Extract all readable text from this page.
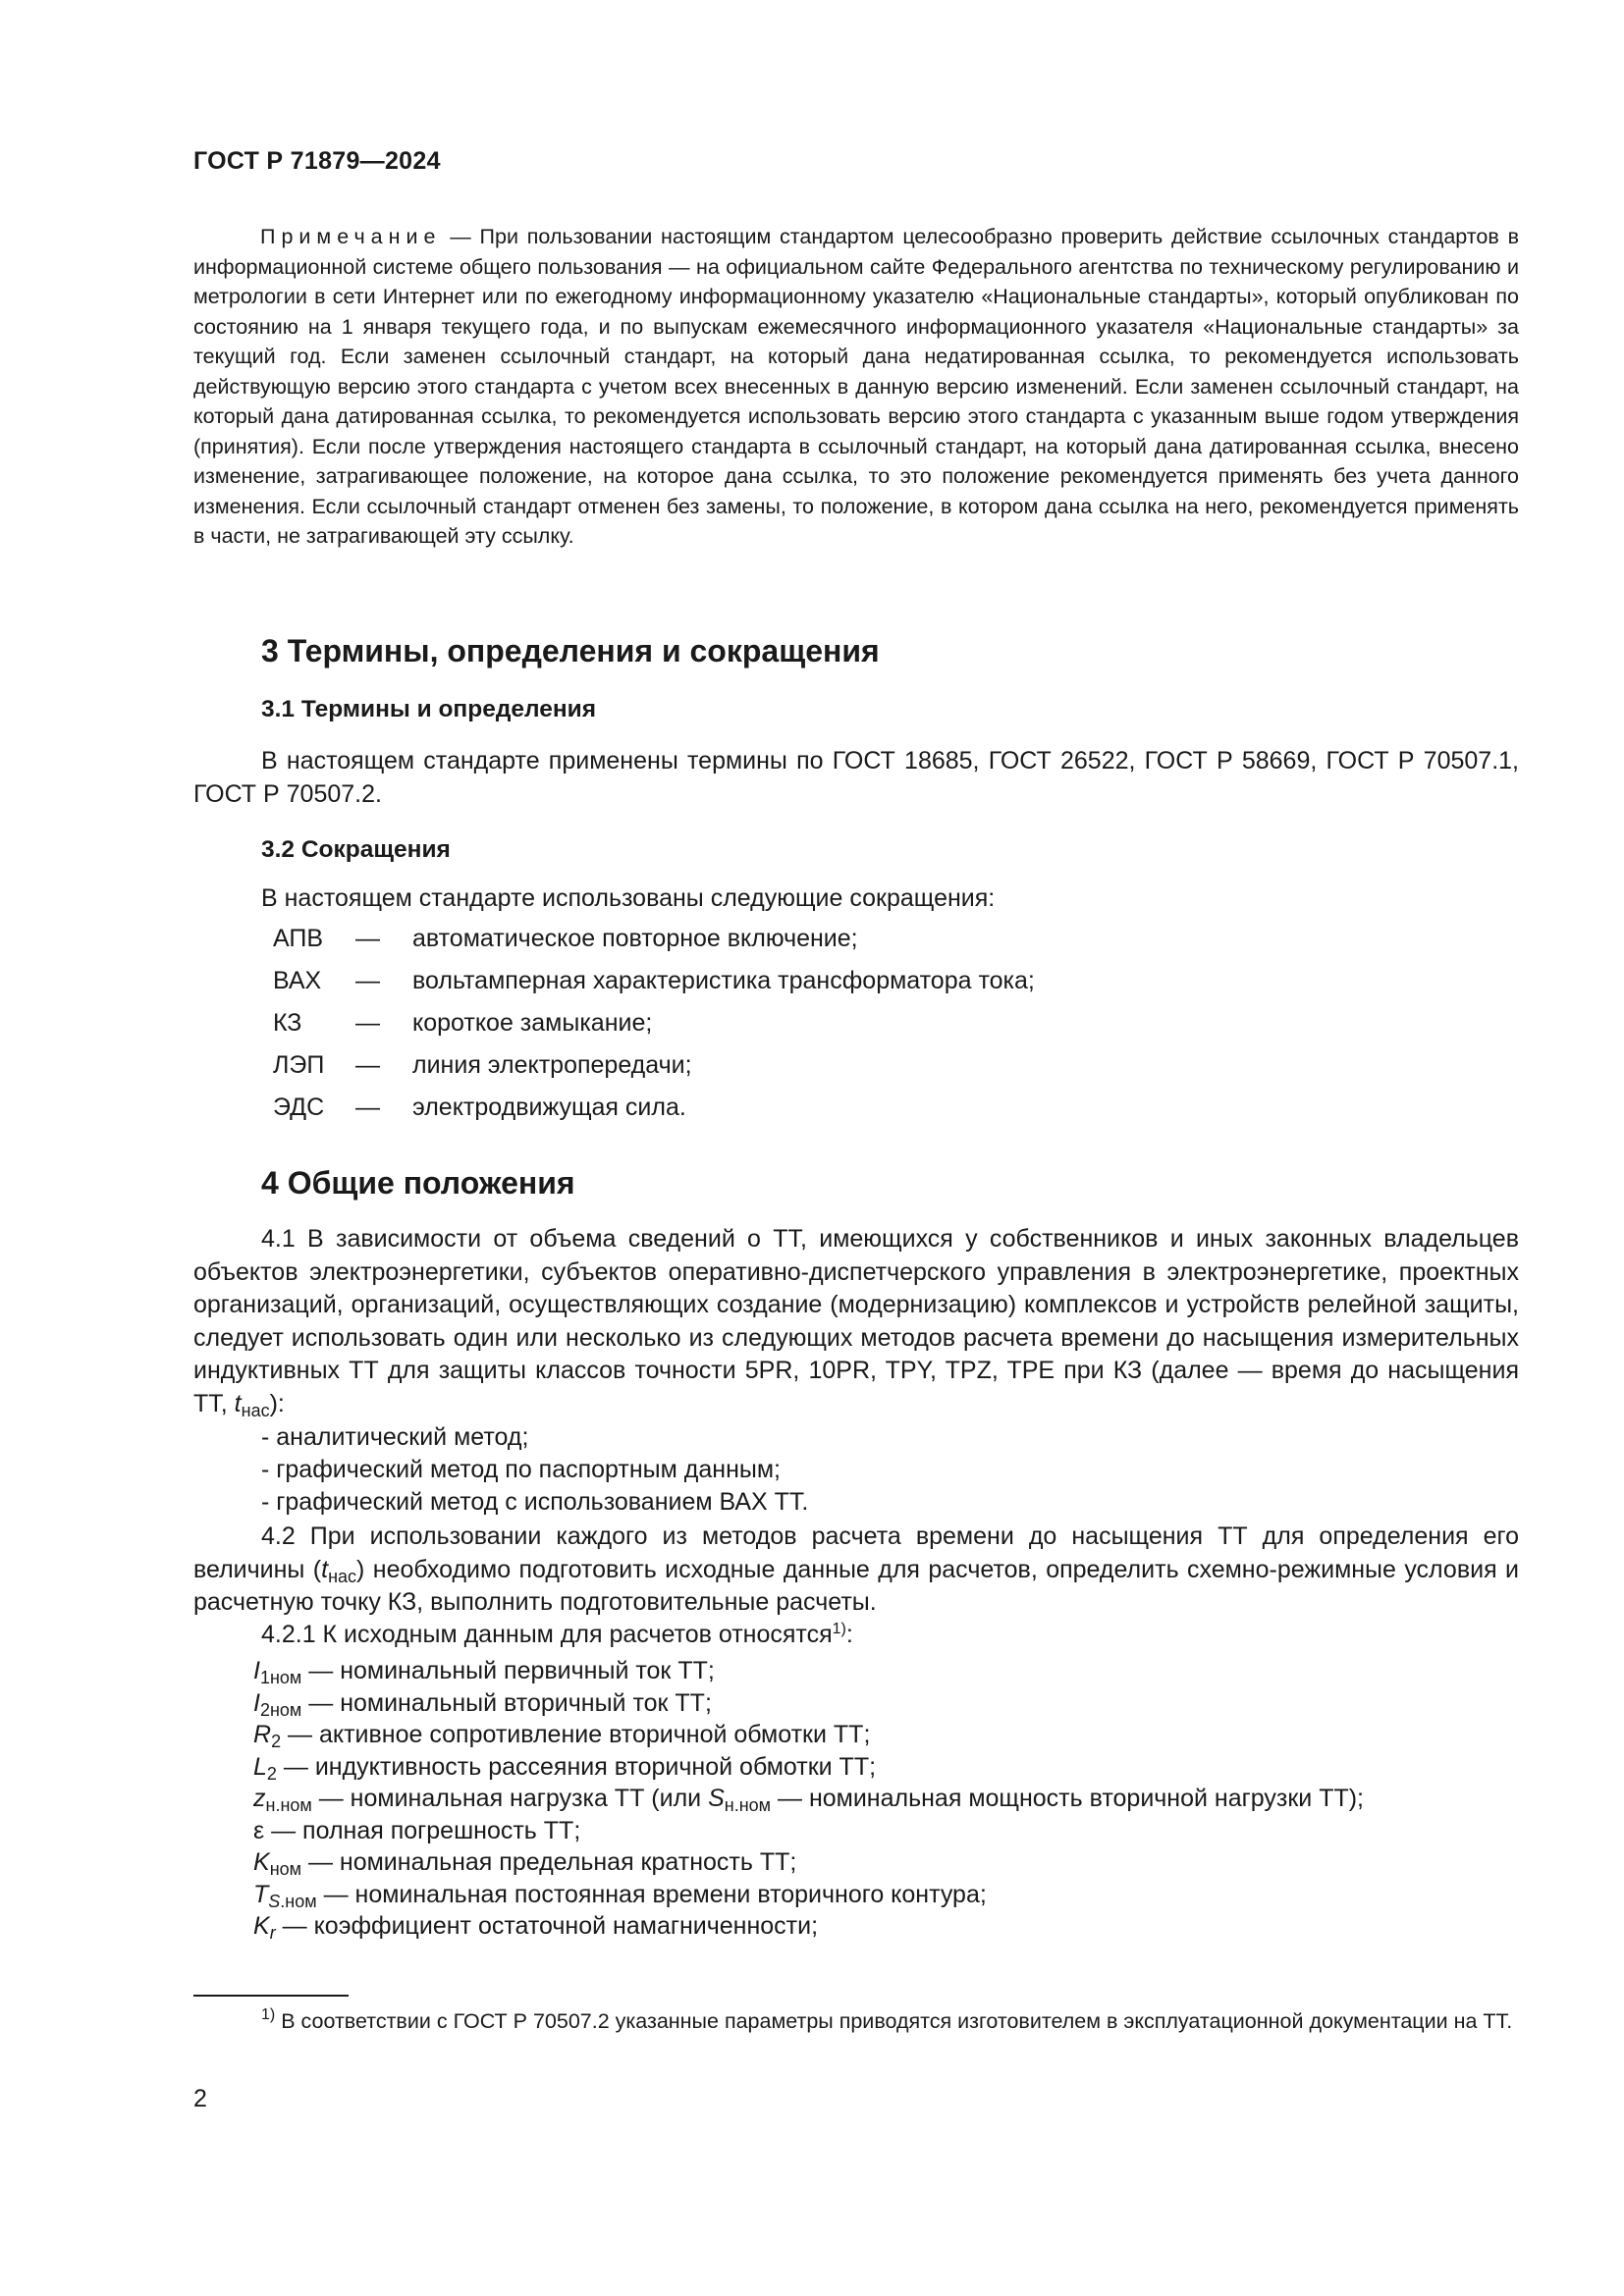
ГОСТ Р 71879—2024

Примечание — При пользовании настоящим стандартом целесообразно проверить действие ссылочных стандартов в информационной системе общего пользования — на официальном сайте Федерального агентства по техническому регулированию и метрологии в сети Интернет или по ежегодному информационному указателю «Национальные стандарты», который опубликован по состоянию на 1 января текущего года, и по выпускам ежемесячного информационного указателя «Национальные стандарты» за текущий год. Если заменен ссылочный стандарт, на который дана недатированная ссылка, то рекомендуется использовать действующую версию этого стандарта с учетом всех внесенных в данную версию изменений. Если заменен ссылочный стандарт, на который дана датированная ссылка, то рекомендуется использовать версию этого стандарта с указанным выше годом утверждения (принятия). Если после утверждения настоящего стандарта в ссылочный стандарт, на который дана датированная ссылка, внесено изменение, затрагивающее положение, на которое дана ссылка, то это положение рекомендуется применять без учета данного изменения. Если ссылочный стандарт отменен без замены, то положение, в котором дана ссылка на него, рекомендуется применять в части, не затрагивающей эту ссылку.

3 Термины, определения и сокращения
3.1 Термины и определения

В настоящем стандарте применены термины по ГОСТ 18685, ГОСТ 26522, ГОСТ Р 58669, ГОСТ Р 70507.1, ГОСТ Р 70507.2.

3.2 Сокращения

В настоящем стандарте использованы следующие сокращения:

АПВ — автоматическое повторное включение;
ВАХ — вольтамперная характеристика трансформатора тока;
КЗ — короткое замыкание;
ЛЭП — линия электропередачи;
ЭДС — электродвижущая сила.
4 Общие положения

4.1 В зависимости от объема сведений о ТТ, имеющихся у собственников и иных законных владельцев объектов электроэнергетики, субъектов оперативно-диспетчерского управления в электроэнергетике, проектных организаций, организаций, осуществляющих создание (модернизацию) комплексов и устройств релейной защиты, следует использовать один или несколько из следующих методов расчета времени до насыщения измерительных индуктивных ТТ для защиты классов точности 5PR, 10PR, TPY, TPZ, TPE при КЗ (далее — время до насыщения ТТ, $t_{нас}$):

- аналитический метод;
- графический метод по паспортным данным;
- графический метод с использованием ВАХ ТТ.

4.2 При использовании каждого из методов расчета времени до насыщения ТТ для определения его величины $(t_{нас})$ необходимо подготовить исходные данные для расчетов, определить схемно-режимные условия и расчетную точку КЗ, выполнить подготовительные расчеты.

4.2.1 К исходным данным для расчетов относятся$^{1)}$:

$I_{1ном}$ — номинальный первичный ток ТТ;
$I_{2ном}$ — номинальный вторичный ток ТТ;
$R_2$ — активное сопротивление вторичной обмотки ТТ;
$L_2$ — индуктивность рассеяния вторичной обмотки ТТ;
$z_{н.ном}$ — номинальная нагрузка ТТ (или $S_{н.ном}$ — номинальная мощность вторичной нагрузки ТТ);
ε — полная погрешность ТТ;
$K_{ном}$ — номинальная предельная кратность ТТ;
$T_{S.ном}$ — номинальная постоянная времени вторичного контура;
$K_r$ — коэффициент остаточной намагниченности;

$^{1)}$ В соответствии с ГОСТ Р 70507.2 указанные параметры приводятся изготовителем в эксплуатационной документации на ТТ.

2
